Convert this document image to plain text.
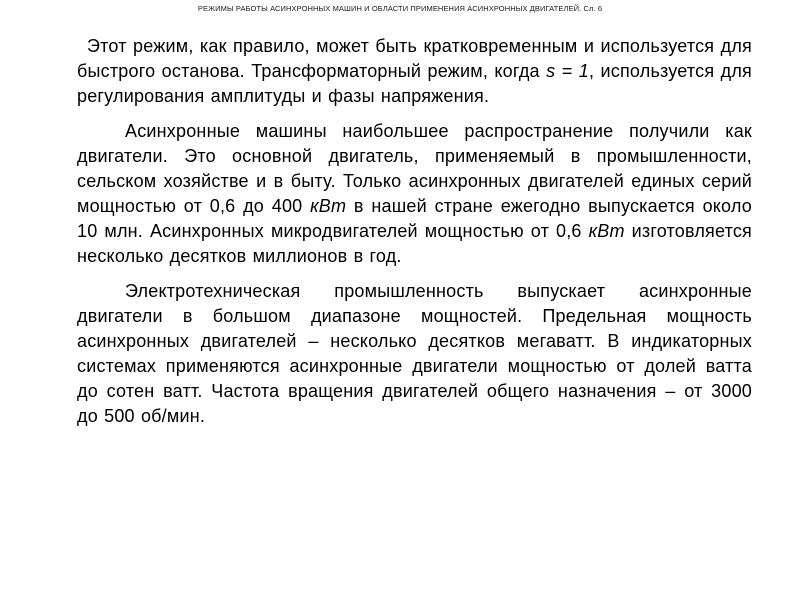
РЕЖИМЫ РАБОТЫ АСИНХРОННЫХ МАШИН И ОБЛАСТИ ПРИМЕНЕНИЯ АСИНХРОННЫХ ДВИГАТЕЛЕЙ. Сл. 6

Этот режим, как правило, может быть кратковременным и используется для быстрого останова. Трансформаторный режим, когда s = 1, используется для регулирования амплитуды и фазы напряжения.

Асинхронные машины наибольшее распространение получили как двигатели. Это основной двигатель, применяемый в промышленности, сельском хозяйстве и в быту. Только асинхронных двигателей единых серий мощностью от 0,6 до 400 кВт в нашей стране ежегодно выпускается около 10 млн. Асинхронных микродвигателей мощностью от 0,6 кВт изготовляется несколько десятков миллионов в год.

Электротехническая промышленность выпускает асинхронные двигатели в большом диапазоне мощностей. Предельная мощность асинхронных двигателей – несколько десятков мегаватт. В индикаторных системах применяются асинхронные двигатели мощностью от долей ватта до сотен ватт. Частота вращения двигателей общего назначения – от 3000 до 500 об/мин.
